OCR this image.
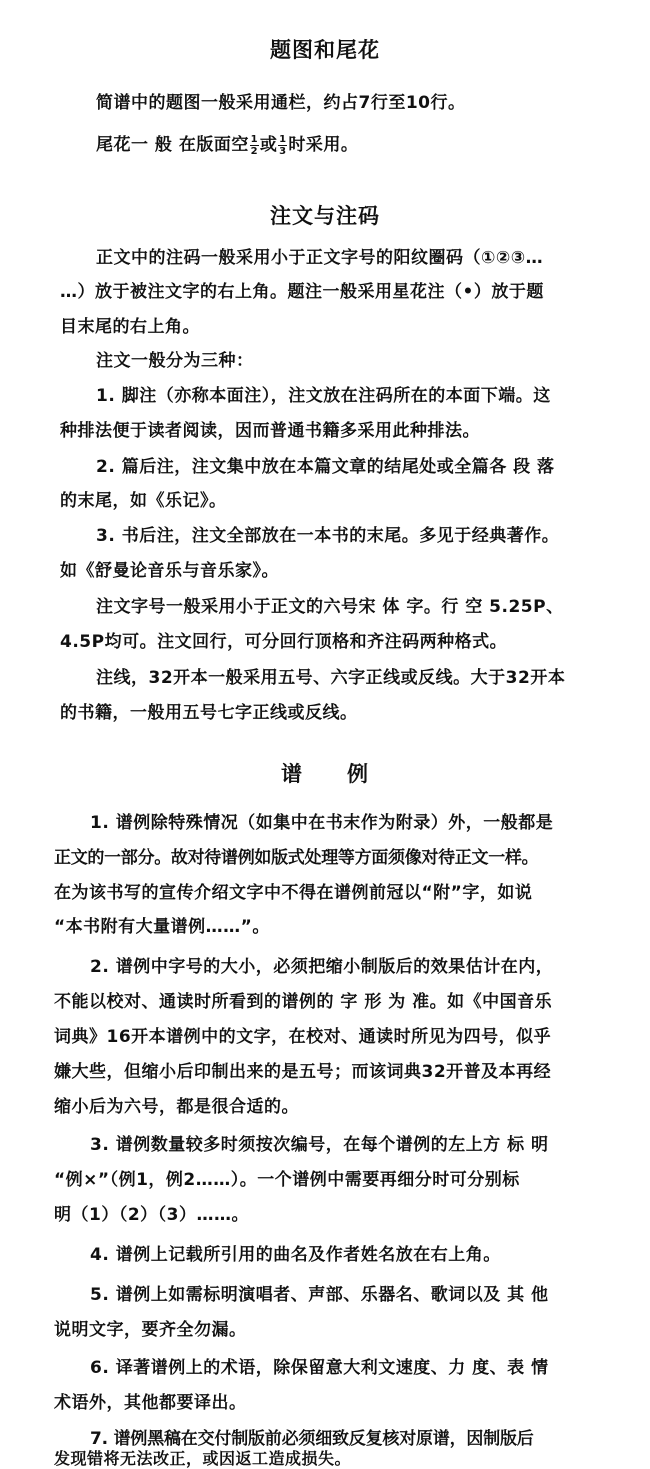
题图和尾花
简谱中的题图一般采用通栏，约占7行至10行。
尾花一 般 在版面空 $\frac{1}{2}$ 或 $\frac{1}{3}$ 时采用。
注文与注码
正文中的注码一般采用小于正文字号的阳纹圈码（①②③…
…）放于被注文字的右上角。题注一般采用星花注（•）放于题
目末尾的右上角。
注文一般分为三种：
1. 脚注（亦称本面注），注文放在注码所在的本面下端。这
种排法便于读者阅读，因而普通书籍多采用此种排法。
2. 篇后注，注文集中放在本篇文章的结尾处或全篇各 段 落
的末尾，如《乐记》。
3. 书后注，注文全部放在一本书的末尾。多见于经典著作。
如《舒曼论音乐与音乐家》。
注文字号一般采用小于正文的六号宋 体 字。行 空 5.25P、
4.5P均可。注文回行，可分回行顶格和齐注码两种格式。
注线，32开本一般采用五号、六字正线或反线。大于32开本
的书籍，一般用五号七字正线或反线。
谱　　例
1. 谱例除特殊情况（如集中在书末作为附录）外，一般都是
正文的一部分。故对待谱例如版式处理等方面须像对待正文一样。
在为该书写的宣传介绍文字中不得在谱例前冠以“附”字，如说
“本书附有大量谱例……”。
2. 谱例中字号的大小，必须把缩小制版后的效果估计在内，
不能以校对、通读时所看到的谱例的 字 形 为 准。如《中国音乐
词典》16开本谱例中的文字，在校对、通读时所见为四号，似乎
嫌大些，但缩小后印制出来的是五号；而该词典32开普及本再经
缩小后为六号，都是很合适的。
3. 谱例数量较多时须按次编号，在每个谱例的左上方 标 明
“例×”（例1，例2……）。一个谱例中需要再细分时可分别标
明（1）（2）（3）……。
4. 谱例上记载所引用的曲名及作者姓名放在右上角。
5. 谱例上如需标明演唱者、声部、乐器名、歌词以及 其 他
说明文字，要齐全勿漏。
6. 译著谱例上的术语，除保留意大利文速度、力 度、表 情
术语外，其他都要译出。
7. 谱例黑稿在交付制版前必须细致反复核对原谱，因制版后
发现错将无法改正，或因返工造成损失。
